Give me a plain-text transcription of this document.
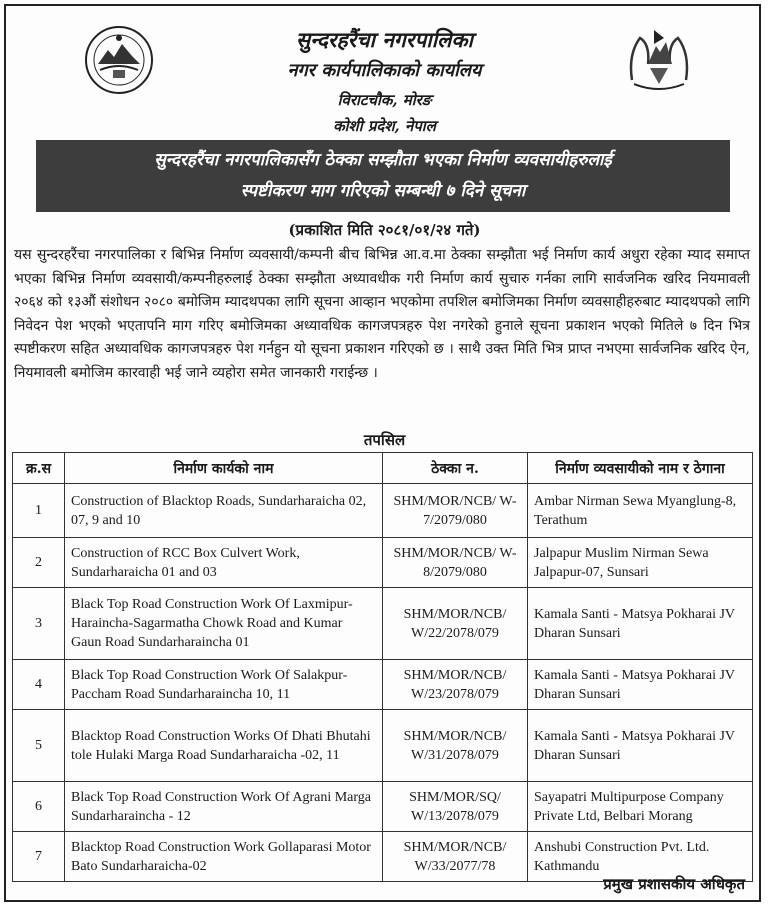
सुन्दरहरैंचा नगरपालिका
नगर कार्यपालिकाको कार्यालय
विराटचौक, मोरङ
कोशी प्रदेश, नेपाल
सुन्दरहरैंचा नगरपालिकासँग ठेक्का सम्झौता भएका निर्माण व्यवसायीहरुलाई
स्पष्टीकरण माग गरिएको सम्बन्धी ७ दिने सूचना
(प्रकाशित मिति २०८१/०१/२४ गते)
यस सुन्दरहरैंचा नगरपालिका र बिभिन्न निर्माण व्यवसायी/कम्पनी बीच बिभिन्न आ.व.मा ठेक्का सम्झौता भई निर्माण कार्य अधुरा रहेका म्याद समाप्त भएका बिभिन्न निर्माण व्यवसायी/कम्पनीहरुलाई ठेक्का सम्झौता अध्यावधीक गरी निर्माण कार्य सुचारु गर्नका लागि सार्वजनिक खरिद नियमावली २०६४ को १३औं संशोधन २०८० बमोजिम म्यादथपका लागि सूचना आव्हान भएकोमा तपशिल बमोजिमका निर्माण व्यवसाहीहरुबाट म्यादथपको लागि निवेदन पेश भएको भएतापनि माग गरिए बमोजिमका अध्यावधिक कागजपत्रहरु पेश नगरेको हुनाले सूचना प्रकाशन भएको मितिले ७ दिन भित्र स्पष्टीकरण सहित अध्यावधिक कागजपत्रहरु पेश गर्नहुन यो सूचना प्रकाशन गरिएको छ । साथै उक्त मिति भित्र प्राप्त नभएमा सार्वजनिक खरिद ऐन, नियमावली बमोजिम कारवाही भई जाने व्यहोरा समेत जानकारी गराईन्छ ।
तपसिल
क्र.स	निर्माण कार्यको नाम	ठेक्का न.	निर्माण व्यवसायीको नाम र ठेगाना
1	Construction of Blacktop Roads, Sundarharaicha 02, 07, 9 and 10	SHM/MOR/NCB/ W-7/2079/080	Ambar Nirman Sewa Myanglung-8, Terathum
2	Construction of RCC Box Culvert Work, Sundarharaicha 01 and 03	SHM/MOR/NCB/ W-8/2079/080	Jalpapur Muslim Nirman Sewa Jalpapur-07, Sunsari
3	Black Top Road Construction Work Of Laxmipur-Haraincha-Sagarmatha Chowk Road and Kumar Gaun Road Sundarharaincha 01	SHM/MOR/NCB/ W/22/2078/079	Kamala Santi - Matsya Pokharai JV Dharan Sunsari
4	Black Top Road Construction Work Of Salakpur-Paccham Road Sundarharaincha 10, 11	SHM/MOR/NCB/ W/23/2078/079	Kamala Santi - Matsya Pokharai JV Dharan Sunsari
5	Blacktop Road Construction Works Of Dhati Bhutahi tole Hulaki Marga Road Sundarharaicha -02, 11	SHM/MOR/NCB/ W/31/2078/079	Kamala Santi - Matsya Pokharai JV Dharan Sunsari
6	Black Top Road Construction Work Of Agrani Marga Sundarharaincha - 12	SHM/MOR/SQ/ W/13/2078/079	Sayapatri Multipurpose Company Private Ltd, Belbari Morang
7	Blacktop Road Construction Work Gollaparasi Motor Bato Sundarharaicha-02	SHM/MOR/NCB/ W/33/2077/78	Anshubi Construction Pvt. Ltd. Kathmandu
प्रमुख प्रशासकीय अधिकृत
